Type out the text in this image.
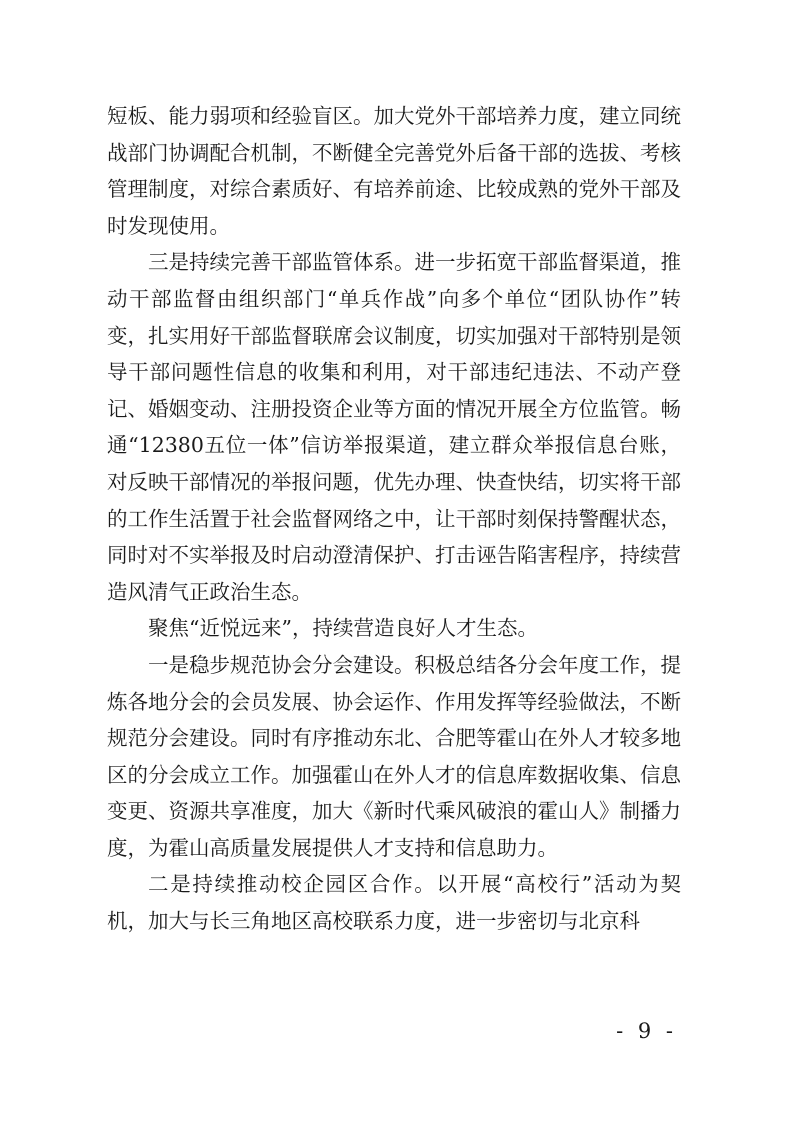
短板、能力弱项和经验盲区。加大党外干部培养力度，建立同统战部门协调配合机制，不断健全完善党外后备干部的选拔、考核管理制度，对综合素质好、有培养前途、比较成熟的党外干部及时发现使用。

三是持续完善干部监管体系。进一步拓宽干部监督渠道，推动干部监督由组织部门“单兵作战”向多个单位“团队协作”转变，扎实用好干部监督联席会议制度，切实加强对干部特别是领导干部问题性信息的收集和利用，对干部违纪违法、不动产登记、婚姻变动、注册投资企业等方面的情况开展全方位监管。畅通“12380五位一体”信访举报渠道，建立群众举报信息台账，对反映干部情况的举报问题，优先办理、快查快结，切实将干部的工作生活置于社会监督网络之中，让干部时刻保持警醒状态，同时对不实举报及时启动澄清保护、打击诬告陷害程序，持续营造风清气正政治生态。

聚焦“近悦远来”，持续营造良好人才生态。

一是稳步规范协会分会建设。积极总结各分会年度工作，提炼各地分会的会员发展、协会运作、作用发挥等经验做法，不断规范分会建设。同时有序推动东北、合肥等霍山在外人才较多地区的分会成立工作。加强霍山在外人才的信息库数据收集、信息变更、资源共享准度，加大《新时代乘风破浪的霍山人》制播力度，为霍山高质量发展提供人才支持和信息助力。

二是持续推动校企园区合作。以开展“高校行”活动为契机，加大与长三角地区高校联系力度，进一步密切与北京科

- 9 -
